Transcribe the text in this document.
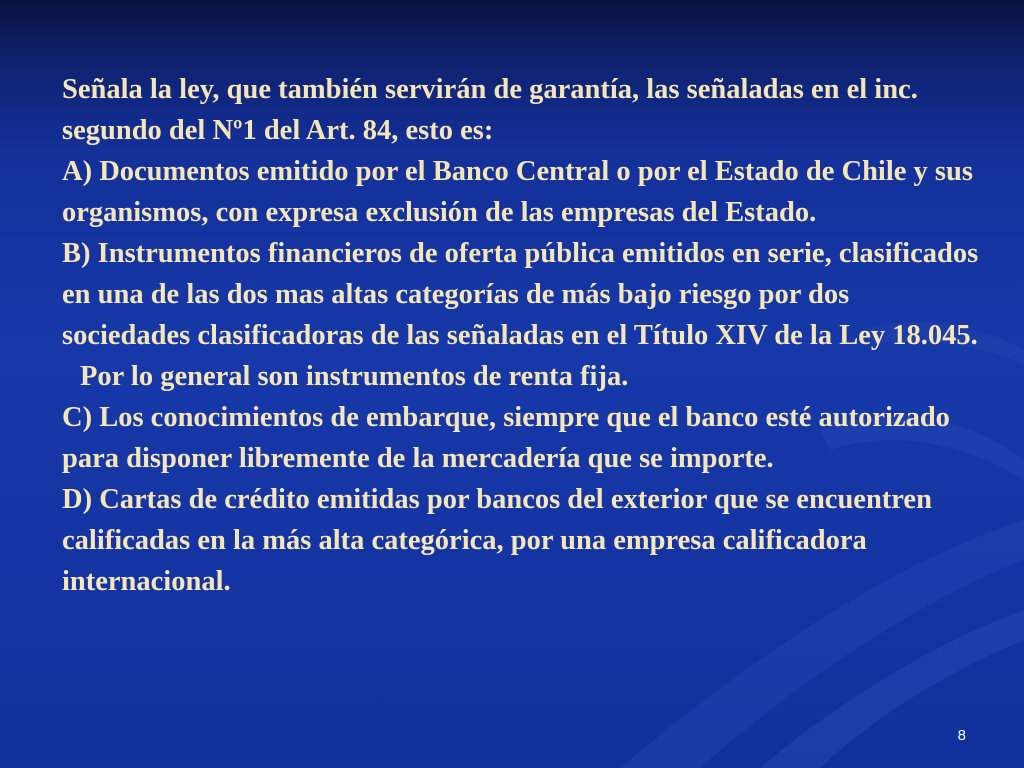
Señala la ley, que también servirán de garantía, las señaladas en el inc. segundo del Nº1 del Art. 84, esto es:

A) Documentos emitido por el Banco Central o por el Estado de Chile y sus organismos, con expresa exclusión de las empresas del Estado.

B) Instrumentos financieros de oferta pública emitidos en serie, clasificados en una de las dos mas altas categorías de más bajo riesgo por dos sociedades clasificadoras de las señaladas en el Título XIV de la Ley 18.045.

Por lo general son instrumentos de renta fija.

C) Los conocimientos de embarque, siempre que el banco esté autorizado para disponer libremente de la mercadería que se importe.

D) Cartas de crédito emitidas por bancos del exterior que se encuentren calificadas en la más alta categórica, por una empresa calificadora internacional.

8
